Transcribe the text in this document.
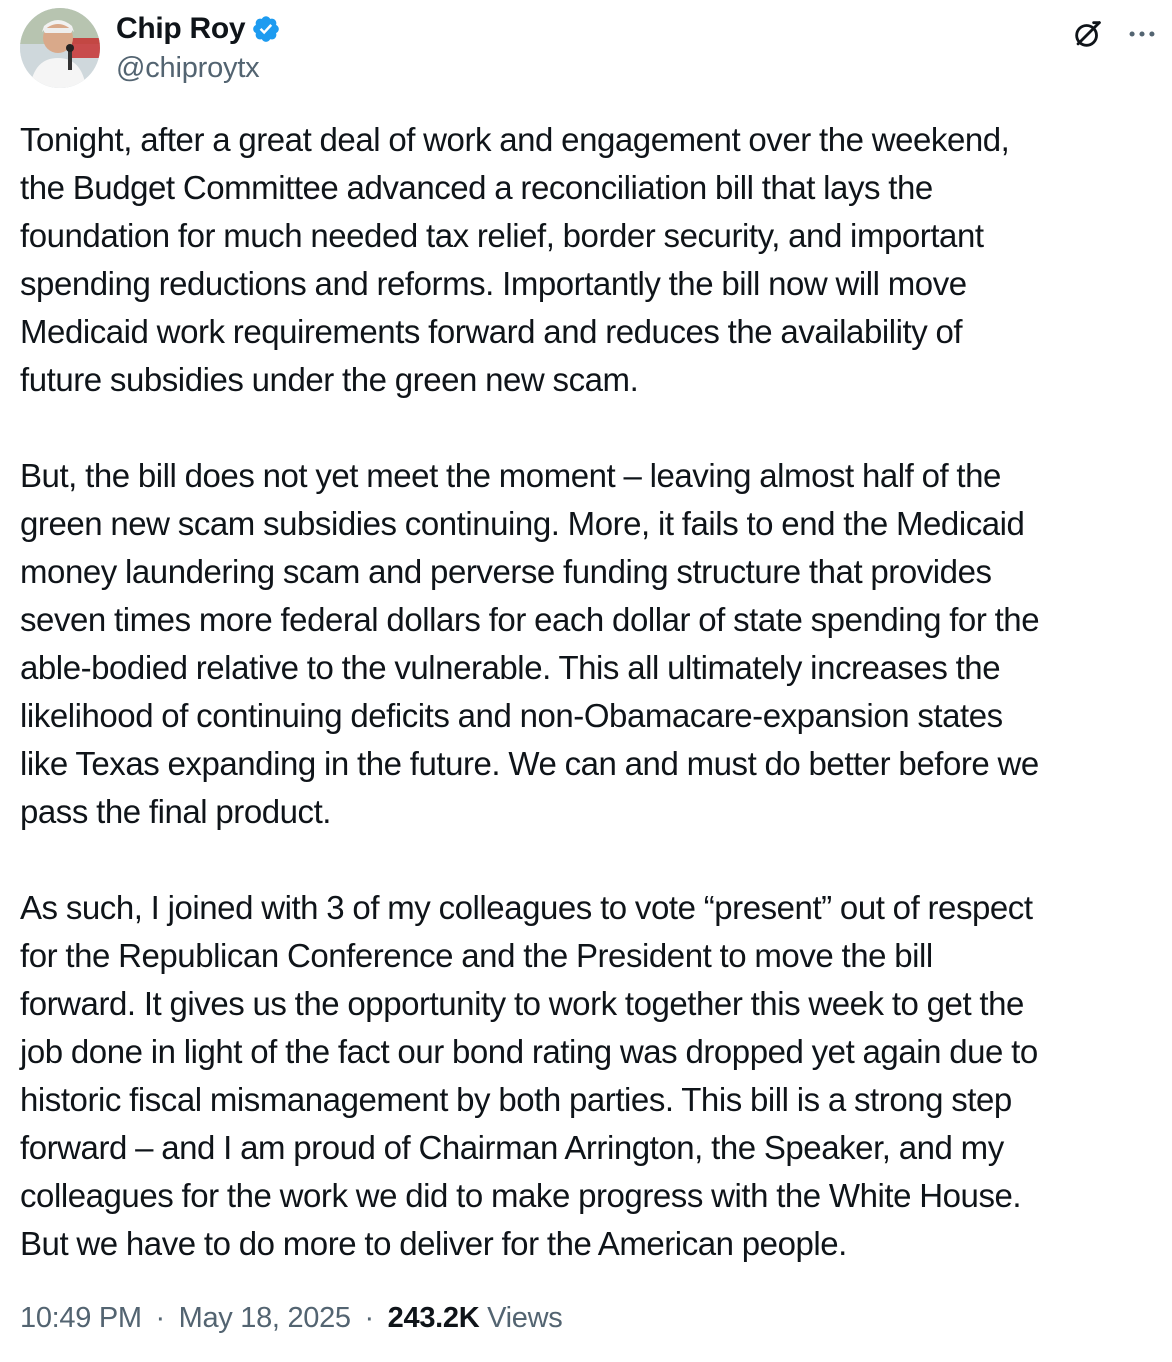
Chip Roy
@chiproytx
Tonight, after a great deal of work and engagement over the weekend,
the Budget Committee advanced a reconciliation bill that lays the
foundation for much needed tax relief, border security, and important
spending reductions and reforms. Importantly the bill now will move
Medicaid work requirements forward and reduces the availability of
future subsidies under the green new scam.
But, the bill does not yet meet the moment – leaving almost half of the
green new scam subsidies continuing. More, it fails to end the Medicaid
money laundering scam and perverse funding structure that provides
seven times more federal dollars for each dollar of state spending for the
able-bodied relative to the vulnerable. This all ultimately increases the
likelihood of continuing deficits and non-Obamacare-expansion states
like Texas expanding in the future. We can and must do better before we
pass the final product.
As such, I joined with 3 of my colleagues to vote “present” out of respect
for the Republican Conference and the President to move the bill
forward. It gives us the opportunity to work together this week to get the
job done in light of the fact our bond rating was dropped yet again due to
historic fiscal mismanagement by both parties. This bill is a strong step
forward – and I am proud of Chairman Arrington, the Speaker, and my
colleagues for the work we did to make progress with the White House.
But we have to do more to deliver for the American people.
10:49 PM · May 18, 2025 · 243.2K Views
